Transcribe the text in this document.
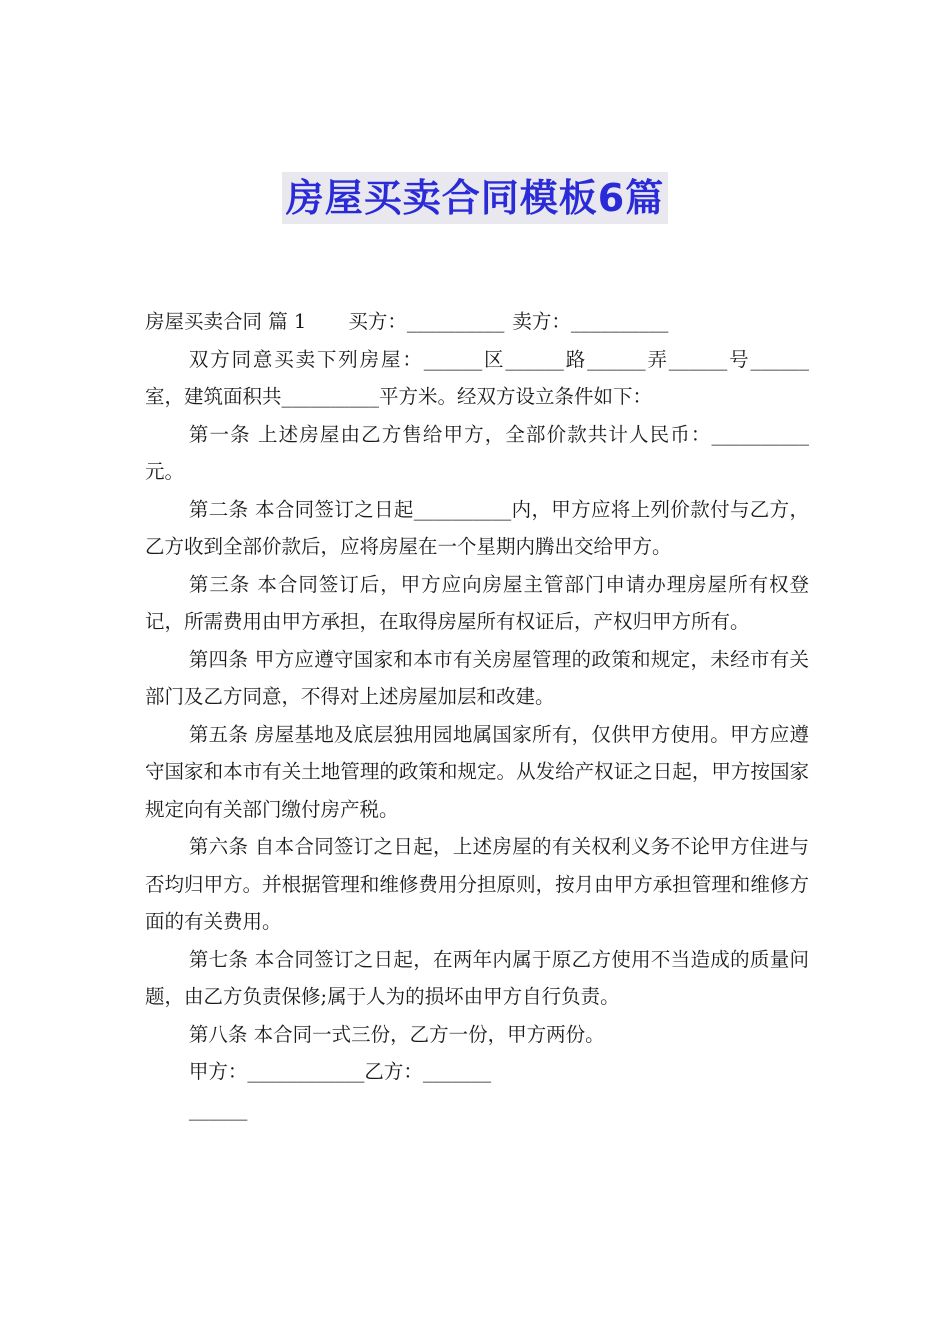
房屋买卖合同模板6篇

房屋买卖合同 篇 1 买方：__________ 卖方：__________

双方同意买卖下列房屋：______区______路______弄______号______室，建筑面积共__________平方米。经双方设立条件如下：

第一条 上述房屋由乙方售给甲方，全部价款共计人民币：__________元。

第二条 本合同签订之日起__________内，甲方应将上列价款付与乙方，乙方收到全部价款后，应将房屋在一个星期内腾出交给甲方。

第三条 本合同签订后，甲方应向房屋主管部门申请办理房屋所有权登记，所需费用由甲方承担，在取得房屋所有权证后，产权归甲方所有。

第四条 甲方应遵守国家和本市有关房屋管理的政策和规定，未经市有关部门及乙方同意，不得对上述房屋加层和改建。

第五条 房屋基地及底层独用园地属国家所有，仅供甲方使用。甲方应遵守国家和本市有关土地管理的政策和规定。从发给产权证之日起，甲方按国家规定向有关部门缴付房产税。

第六条 自本合同签订之日起，上述房屋的有关权利义务不论甲方住进与否均归甲方。并根据管理和维修费用分担原则，按月由甲方承担管理和维修方面的有关费用。

第七条 本合同签订之日起，在两年内属于原乙方使用不当造成的质量问题，由乙方负责保修;属于人为的损坏由甲方自行负责。

第八条 本合同一式三份，乙方一份，甲方两份。

甲方：____________乙方：_______

______
